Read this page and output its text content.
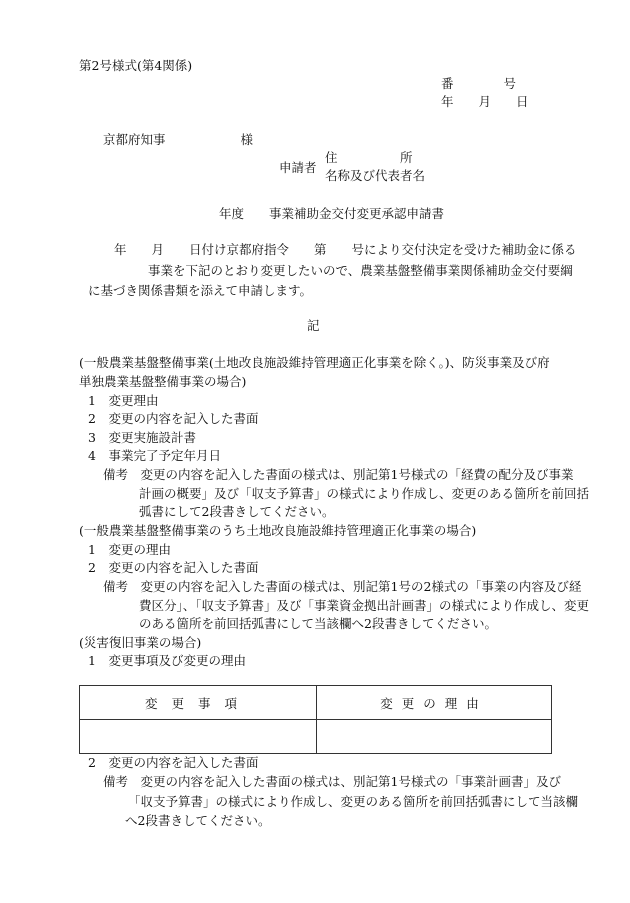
第2号様式(第4関係)
番　　　　号
年　　月　　日
京都府知事　　　　　　様
申請者
住　　　　　所
名称及び代表者名
年度　　事業補助金交付変更承認申請書
年　　月　　日付け京都府指令　　第　　号により交付決定を受けた補助金に係る
事業を下記のとおり変更したいので、農業基盤整備事業関係補助金交付要綱
に基づき関係書類を添えて申請します。
記
(一般農業基盤整備事業(土地改良施設維持管理適正化事業を除く。)、防災事業及び府
単独農業基盤整備事業の場合)
1　変更理由
2　変更の内容を記入した書面
3　変更実施設計書
4　事業完了予定年月日
備考　変更の内容を記入した書面の様式は、別記第1号様式の「経費の配分及び事業
計画の概要」及び「収支予算書」の様式により作成し、変更のある箇所を前回括
弧書にして2段書きしてください。
(一般農業基盤整備事業のうち土地改良施設維持管理適正化事業の場合)
1　変更の理由
2　変更の内容を記入した書面
備考　変更の内容を記入した書面の様式は、別記第1号の2様式の「事業の内容及び経
費区分」、「収支予算書」及び「事業資金拠出計画書」の様式により作成し、変更
のある箇所を前回括弧書にして当該欄へ2段書きしてください。
(災害復旧事業の場合)
1　変更事項及び変更の理由
変更事項	変更の理由

2　変更の内容を記入した書面
備考　変更の内容を記入した書面の様式は、別記第1号様式の「事業計画書」及び
「収支予算書」の様式により作成し、変更のある箇所を前回括弧書にして当該欄
へ2段書きしてください。
